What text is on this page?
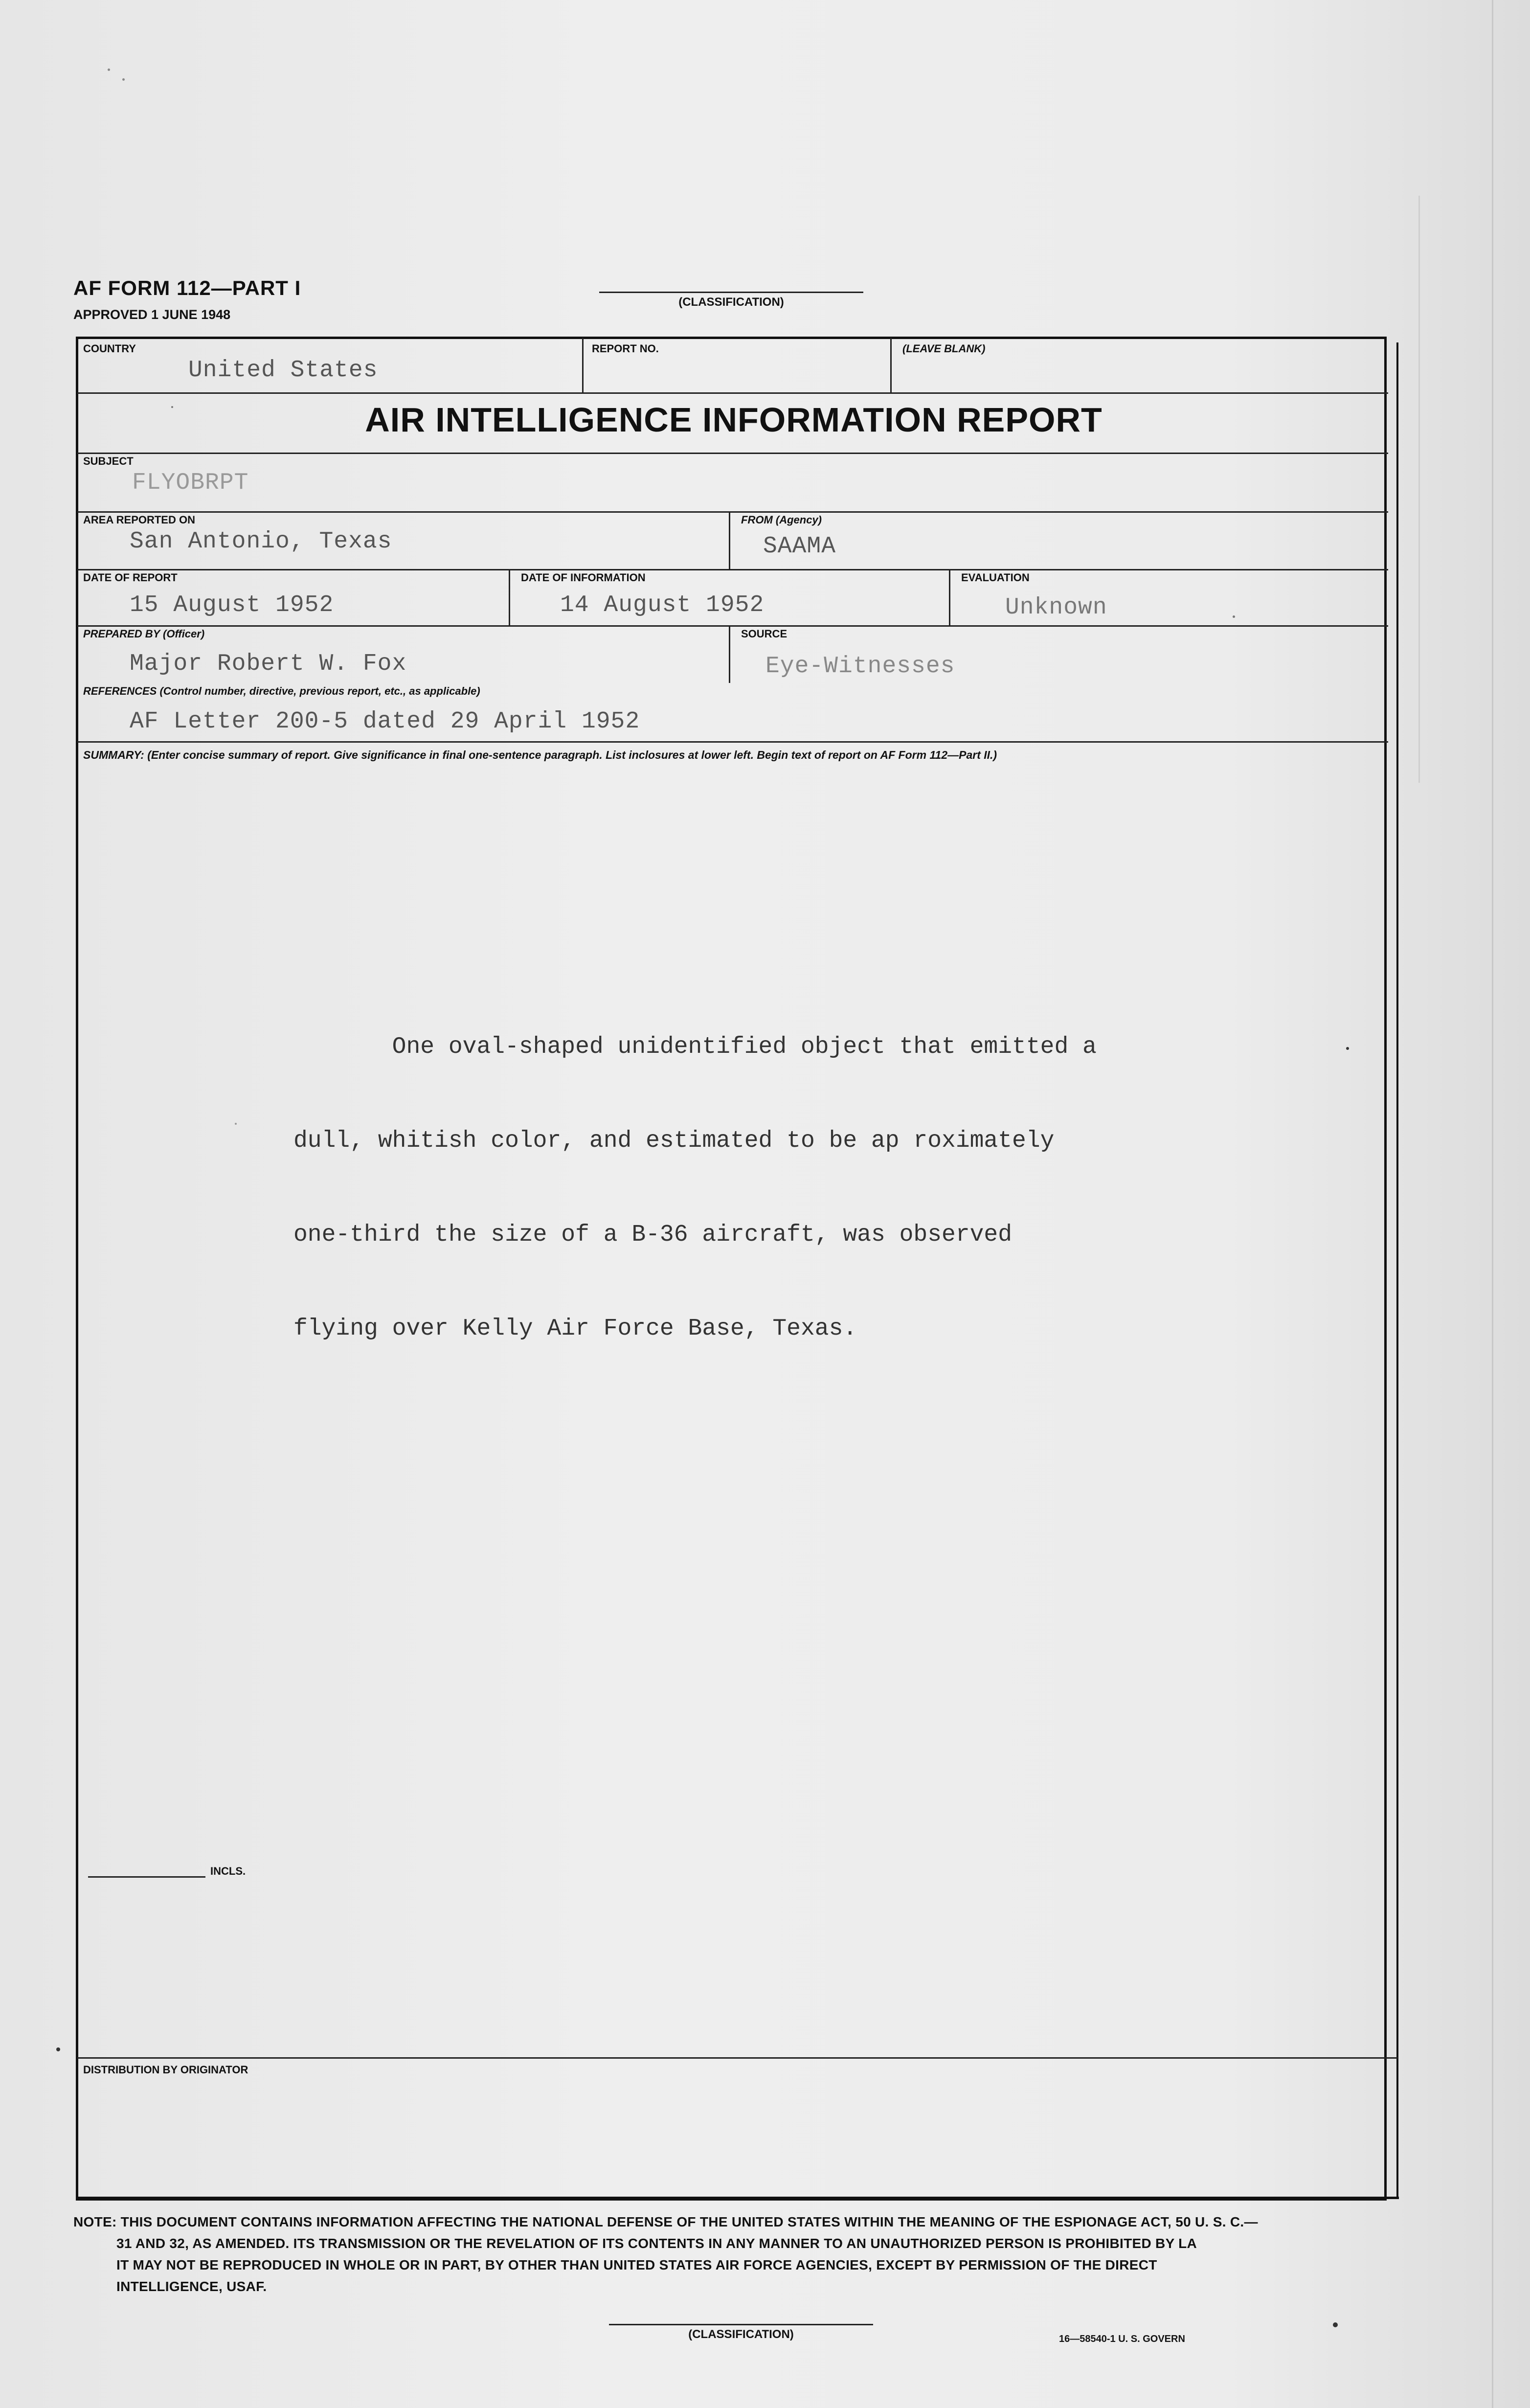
AF FORM 112—PART I
APPROVED 1 JUNE 1948
(CLASSIFICATION)
COUNTRY
United States
REPORT NO.	(LEAVE BLANK)
AIR INTELLIGENCE INFORMATION REPORT
SUBJECT
FLYOBRPT
AREA REPORTED ON
San Antonio, Texas
FROM (Agency)
SAAMA
DATE OF REPORT
15 August 1952
DATE OF INFORMATION
14 August 1952
EVALUATION
Unknown
PREPARED BY (Officer)
Major Robert W. Fox
SOURCE
Eye-Witnesses
REFERENCES (Control number, directive, previous report, etc., as applicable)
AF Letter 200-5 dated 29 April 1952
SUMMARY: (Enter concise summary of report. Give significance in final one-sentence paragraph. List inclosures at lower left. Begin text of report on AF Form 112—Part II.)

One oval-shaped unidentified object that emitted a

dull, whitish color, and estimated to be ap roximately

one-third the size of a B-36 aircraft, was observed

flying over Kelly Air Force Base, Texas.

INCLS.
DISTRIBUTION BY ORIGINATOR
NOTE: THIS DOCUMENT CONTAINS INFORMATION AFFECTING THE NATIONAL DEFENSE OF THE UNITED STATES WITHIN THE MEANING OF THE ESPIONAGE ACT, 50 U. S. C.—
31 AND 32, AS AMENDED. ITS TRANSMISSION OR THE REVELATION OF ITS CONTENTS IN ANY MANNER TO AN UNAUTHORIZED PERSON IS PROHIBITED BY LA
IT MAY NOT BE REPRODUCED IN WHOLE OR IN PART, BY OTHER THAN UNITED STATES AIR FORCE AGENCIES, EXCEPT BY PERMISSION OF THE DIRECT
INTELLIGENCE, USAF.
(CLASSIFICATION)	16—58540-1 U. S. GOVERN
